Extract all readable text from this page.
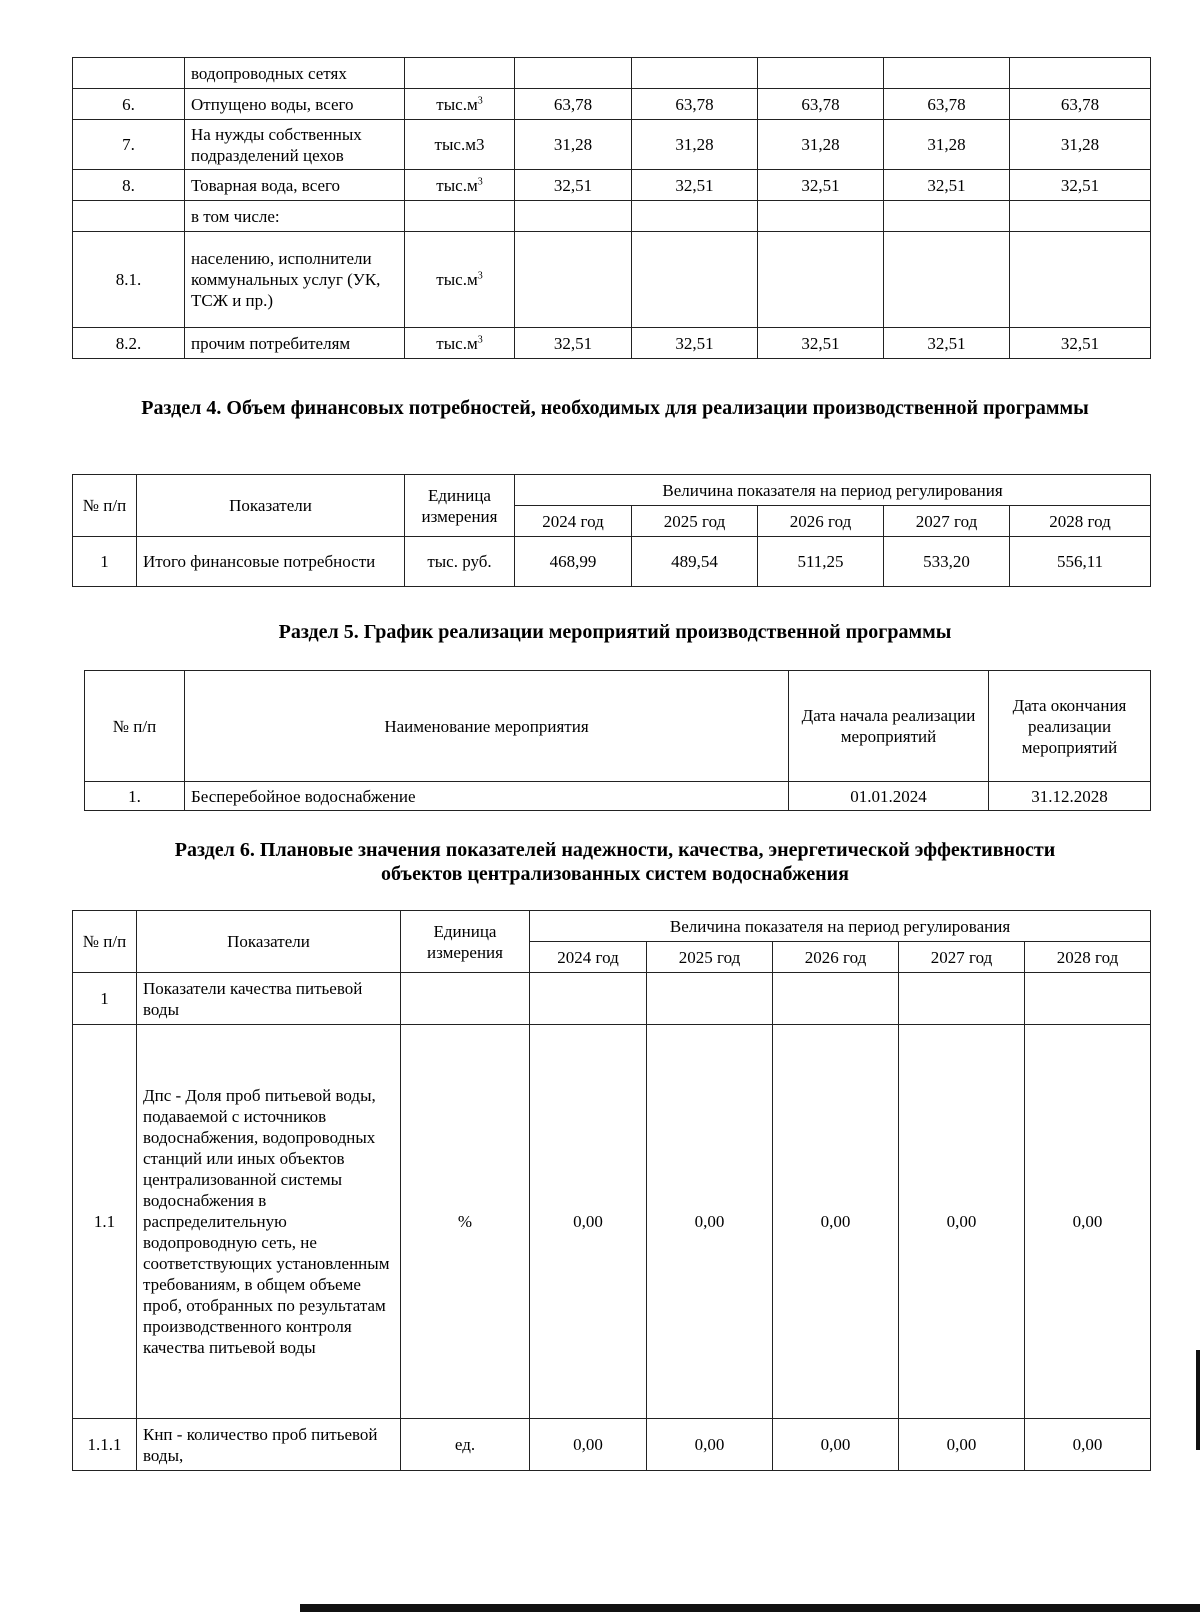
	водопроводных сетях						
6.	Отпущено воды, всего	$тыс.м^3$	63,78	63,78	63,78	63,78	63,78
7.	На нужды собственных подразделений цехов	тыс.м3	31,28	31,28	31,28	31,28	31,28
8.	Товарная вода, всего	$тыс.м^3$	32,51	32,51	32,51	32,51	32,51
	в том числе:						
8.1.	населению, исполнители коммунальных услуг (УК, ТСЖ и пр.)	$тыс.м^3$					
8.2.	прочим потребителям	$тыс.м^3$	32,51	32,51	32,51	32,51	32,51
Раздел 4. Объем финансовых потребностей, необходимых для реализации производственной программы
№ п/п	Показатели	Единица измерения	Величина показателя на период регулирования				
			2024 год	2025 год	2026 год	2027 год	2028 год
1	Итого финансовые потребности	тыс. руб.	468,99	489,54	511,25	533,20	556,11
Раздел 5. График реализации мероприятий производственной программы
№ п/п	Наименование мероприятия	Дата начала реализации мероприятий	Дата окончания реализации мероприятий
1.	Бесперебойное водоснабжение	01.01.2024	31.12.2028
Раздел 6. Плановые значения показателей надежности, качества, энергетической эффективности объектов централизованных систем водоснабжения
№ п/п	Показатели	Единица измерения	Величина показателя на период регулирования				
			2024 год	2025 год	2026 год	2027 год	2028 год
1	Показатели качества питьевой воды						
1.1	Дпс - Доля проб питьевой воды, подаваемой с источников водоснабжения, водопроводных станций или иных объектов централизованной системы водоснабжения в распределительную водопроводную сеть, не соответствующих установленным требованиям, в общем объеме проб, отобранных по результатам производственного контроля качества питьевой воды	%	0,00	0,00	0,00	0,00	0,00
1.1.1	Кнп - количество проб питьевой воды,	ед.	0,00	0,00	0,00	0,00	0,00
